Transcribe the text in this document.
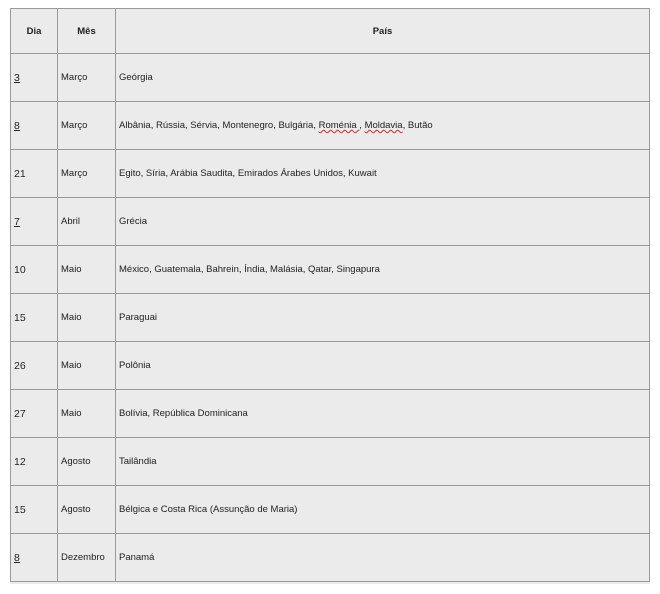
Dia	Mês	País
3	Março	Geórgia
8	Março	Albânia, Rússia, Sérvia, Montenegro, Bulgária, Roménia , Moldavia, Butão
21	Março	Egito, Síria, Arábia Saudita, Emirados Árabes Unidos, Kuwait
7	Abril	Grécia
10	Maio	México, Guatemala, Bahrein, Índia, Malásia, Qatar, Singapura
15	Maio	Paraguai
26	Maio	Polônia
27	Maio	Bolívia, República Dominicana
12	Agosto	Tailândia
15	Agosto	Bélgica e Costa Rica (Assunção de Maria)
8	Dezembro	Panamá
